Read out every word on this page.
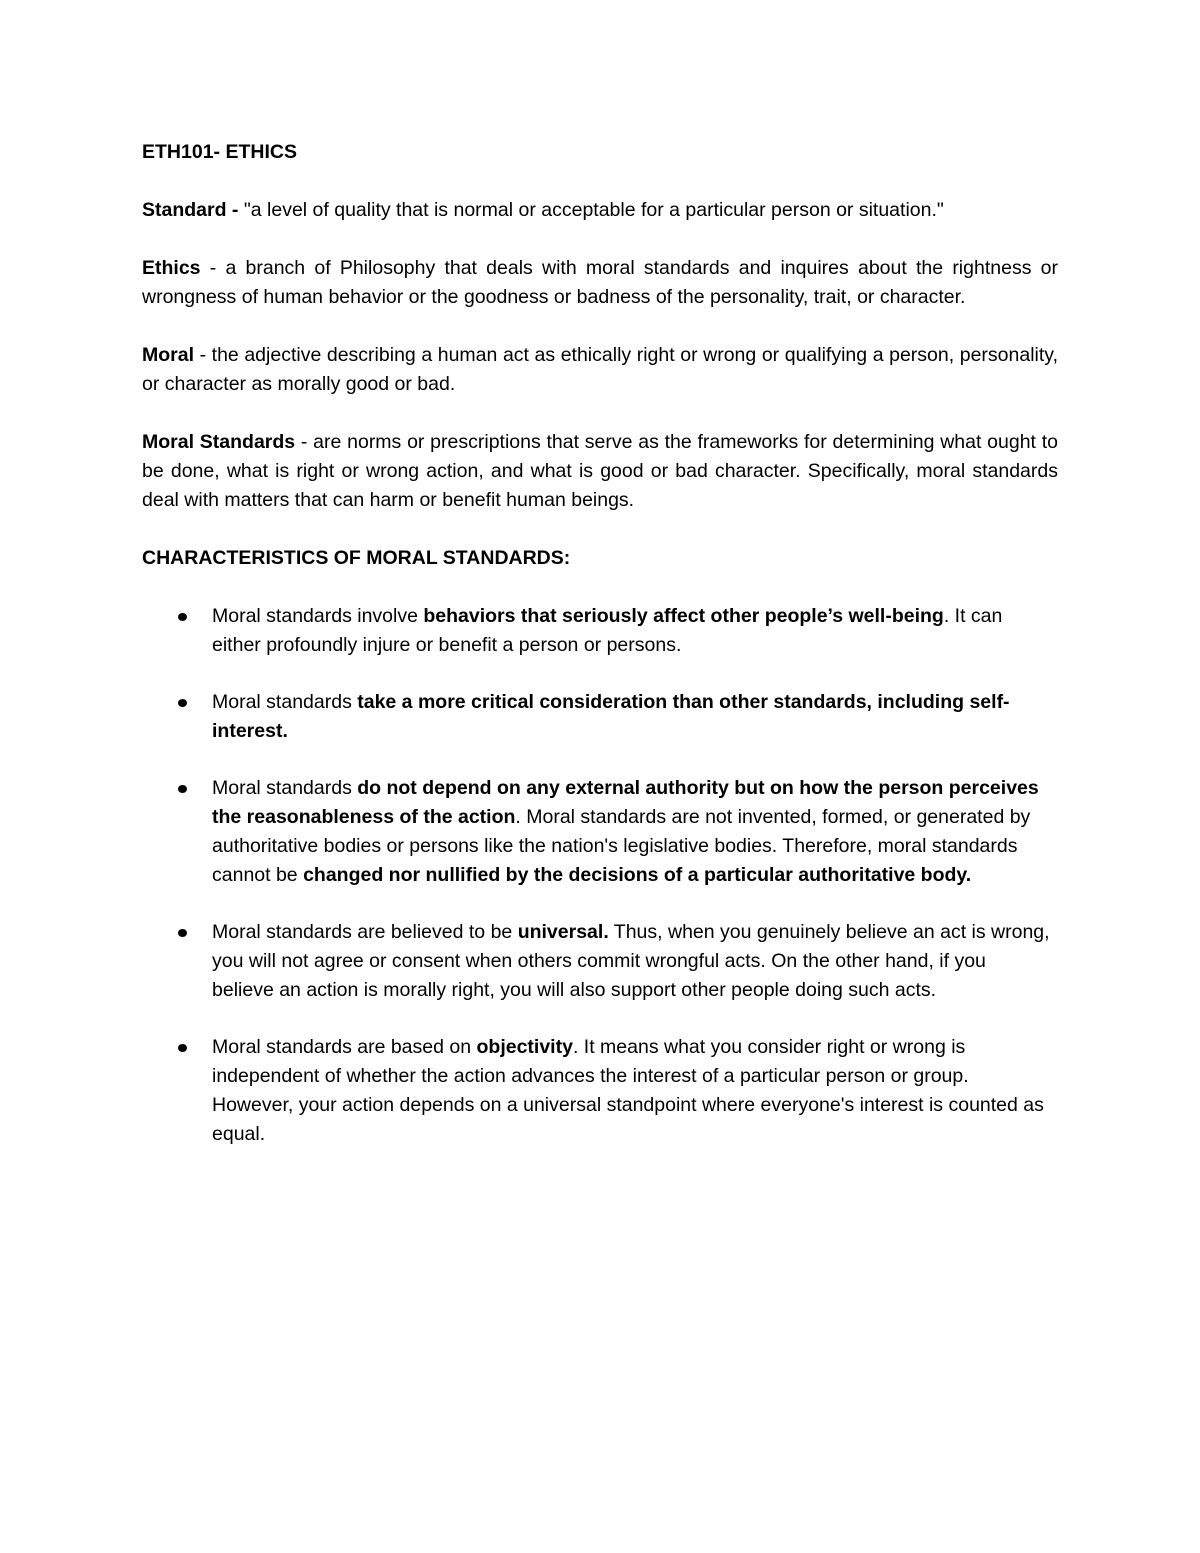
ETH101- ETHICS

Standard - "a level of quality that is normal or acceptable for a particular person or situation."

Ethics - a branch of Philosophy that deals with moral standards and inquires about the rightness or wrongness of human behavior or the goodness or badness of the personality, trait, or character.

Moral - the adjective describing a human act as ethically right or wrong or qualifying a person, personality, or character as morally good or bad.

Moral Standards - are norms or prescriptions that serve as the frameworks for determining what ought to be done, what is right or wrong action, and what is good or bad character. Specifically, moral standards deal with matters that can harm or benefit human beings.

CHARACTERISTICS OF MORAL STANDARDS:
Moral standards involve behaviors that seriously affect other people’s well-being. It can either profoundly injure or benefit a person or persons.
Moral standards take a more critical consideration than other standards, including self-interest.
Moral standards do not depend on any external authority but on how the person perceives the reasonableness of the action. Moral standards are not invented, formed, or generated by authoritative bodies or persons like the nation's legislative bodies. Therefore, moral standards cannot be changed nor nullified by the decisions of a particular authoritative body.
Moral standards are believed to be universal. Thus, when you genuinely believe an act is wrong, you will not agree or consent when others commit wrongful acts. On the other hand, if you believe an action is morally right, you will also support other people doing such acts.
Moral standards are based on objectivity. It means what you consider right or wrong is independent of whether the action advances the interest of a particular person or group. However, your action depends on a universal standpoint where everyone's interest is counted as equal.
